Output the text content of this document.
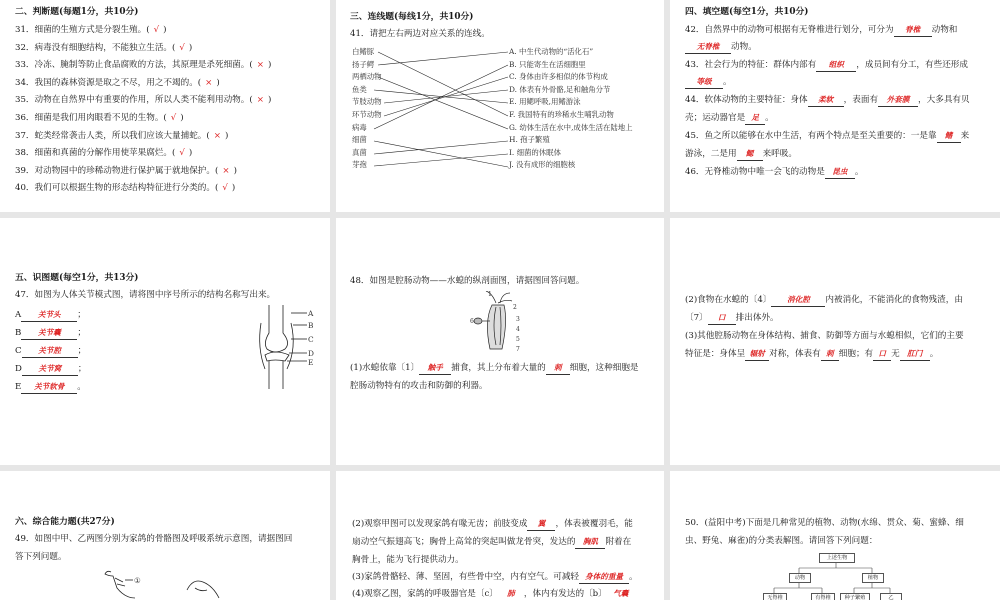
二、判断题(每题1分，共10分)
31．细菌的生殖方式是分裂生殖。( √ )
32．病毒没有细胞结构，不能独立生活。( √ )
33．冷冻、腌制等防止食品腐败的方法，其原理是杀死细菌。( × )
34．我国的森林资源是取之不尽，用之不竭的。( × )
35．动物在自然界中有重要的作用，所以人类不能利用动物。( × )
36．细菌是我们用肉眼看不见的生物。( √ )
37．蛇类经常袭击人类，所以我们应该大量捕蛇。( × )
38．细菌和真菌的分解作用使苹果腐烂。( √ )
39．对动物园中的珍稀动物进行保护属于就地保护。( × )
40．我们可以根据生物的形态结构特征进行分类的。( √ )
三、连线题(每线1分，共10分)
41．请把左右两边对应关系的连线。
白鳍豚
扬子鳄
两栖动物
鱼类
节肢动物
环节动物
病毒
细菌
真菌
芽孢
A. 中生代动物的“活化石”
B. 只能寄生在活细胞里
C. 身体由许多相似的体节构成
D. 体表有外骨骼,足和触角分节
E. 用鳃呼吸,用鳍游泳
F. 我国特有的珍稀水生哺乳动物
G. 幼体生活在水中,成体生活在陆地上
H. 孢子繁殖
I. 细菌的休眠体
J. 没有成形的细胞核
四、填空题(每空1分，共10分)
42．自然界中的动物可根据有无脊椎进行划分，可分为 脊椎 动物和
无脊椎 动物。
43．社会行为的特征：群体内部有 组织 ，成员间有分工，有些还形成
等级 。
44．软体动物的主要特征：身体 柔软 ，表面有 外套膜 ，大多具有贝
壳；运动器官是 足 。
45．鱼之所以能够在水中生活，有两个特点是至关重要的：一是靠 鳍 来
游泳，二是用 鳃 来呼吸。
46．无脊椎动物中唯一会飞的动物是 昆虫 。
五、识图题(每空1分，共13分)
47．如图为人体关节模式图，请将图中序号所示的结构名称写出来。
A 关节头 ；
B 关节囊 ；
C 关节腔 ；
D 关节窝 ；
E 关节软骨 。
A
B
C
D
E
48．如图是腔肠动物——水螅的纵剖面图，请据图回答问题。
1
2
3
4
5
6
7
(1)水螅依靠〔1〕 触手 捕食，其上分布着大量的 刺 细胞，这种细胞是
腔肠动物特有的攻击和防御的利器。
(2)食物在水螅的〔4〕 消化腔 内被消化，不能消化的食物残渣，由
〔7〕 口 排出体外。
(3)其他腔肠动物在身体结构、捕食、防御等方面与水螅相似，它们的主要
特征是：身体呈 辐射 对称，体表有 刺 细胞；有 口 无 肛门 。
六、综合能力题(共27分)
49．如图中甲、乙两图分别为家鸽的骨骼图及呼吸系统示意图，请据图回
答下列问题。
①
(2)观察甲图可以发现家鸽有喙无齿；前肢变成 翼 ，体表被覆羽毛，能
扇动空气振翅高飞；胸骨上高耸的突起叫做龙骨突，发达的 胸肌 附着在
胸骨上，能为飞行提供动力。
(3)家鸽骨骼轻、薄、坚固，有些骨中空，内有空气。可减轻 身体的重量 。
(4)观察乙图，家鸽的呼吸器官是〔c〕 肺 ，体内有发达的〔b〕 气囊
50．(益阳中考)下面是几种常见的植物、动物(水绵、贯众、菊、蜜蜂、细
虫、野兔、麻雀)的分类表解图。请回答下列问题：
上述生物
动物	植物
无脊椎	有脊椎	种子繁殖	乙
